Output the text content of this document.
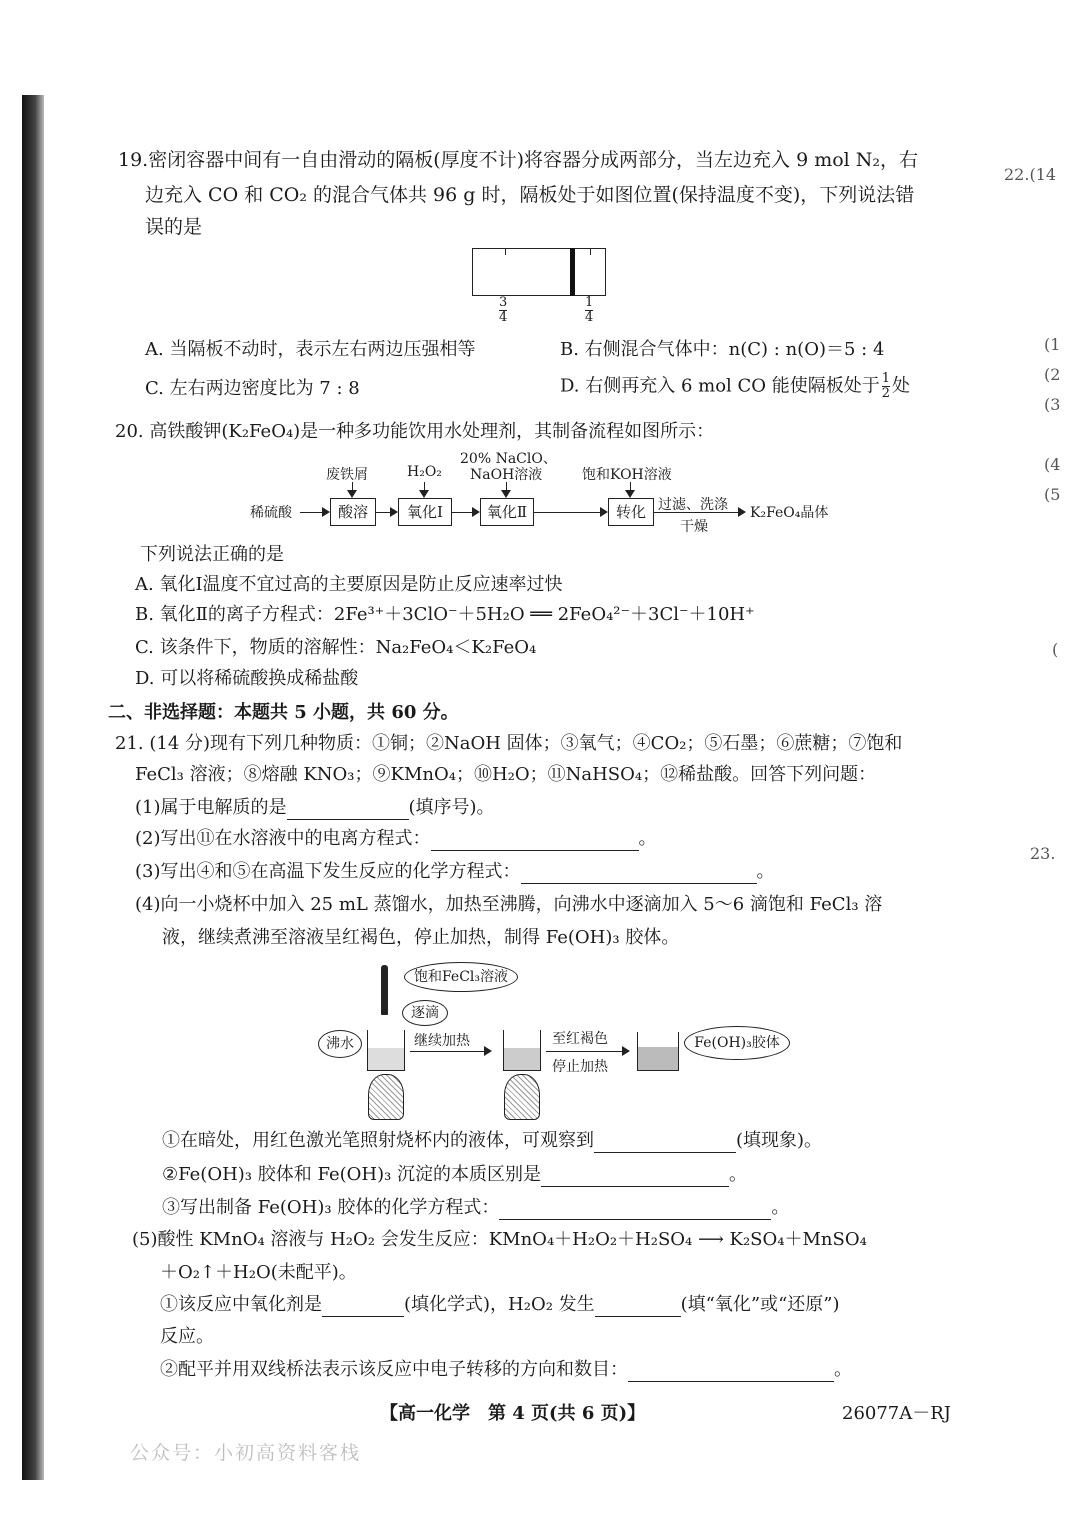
19.密闭容器中间有一自由滑动的隔板(厚度不计)将容器分成两部分，当左边充入 9 mol N₂，右
边充入 CO 和 CO₂ 的混合气体共 96 g 时，隔板处于如图位置(保持温度不变)，下列说法错
误的是
$\frac{3}{4}$	$\frac{1}{4}$
A. 当隔板不动时，表示左右两边压强相等	B. 右侧混合气体中：n(C) : n(O)＝5 : 4
C. 左右两边密度比为 7 : 8	D. 右侧再充入 6 mol CO 能使隔板处于 $\frac{1}{2}$ 处
20. 高铁酸钾(K₂FeO₄)是一种多功能饮用水处理剂，其制备流程如图所示：
稀硫酸	酸溶	氧化Ⅰ	氧化Ⅱ	转化
废铁屑	H₂O₂
20% NaClO、
NaOH溶液	饱和KOH溶液
过滤、洗涤
干燥
K₂FeO₄晶体
下列说法正确的是
A. 氧化Ⅰ温度不宜过高的主要原因是防止反应速率过快
B. 氧化Ⅱ的离子方程式：2Fe³⁺＋3ClO⁻＋5H₂O ══ 2FeO₄²⁻＋3Cl⁻＋10H⁺
C. 该条件下，物质的溶解性：Na₂FeO₄＜K₂FeO₄
D. 可以将稀硫酸换成稀盐酸
二、非选择题：本题共 5 小题，共 60 分。
21. (14 分)现有下列几种物质：①铜；②NaOH 固体；③氧气；④CO₂；⑤石墨；⑥蔗糖；⑦饱和
FeCl₃ 溶液；⑧熔融 KNO₃；⑨KMnO₄；⑩H₂O；⑪NaHSO₄；⑫稀盐酸。回答下列问题：
(1)属于电解质的是	(填序号)。
(2)写出⑪在水溶液中的电离方程式：	。
(3)写出④和⑤在高温下发生反应的化学方程式：	。
(4)向一小烧杯中加入 25 mL 蒸馏水，加热至沸腾，向沸水中逐滴加入 5～6 滴饱和 FeCl₃ 溶
液，继续煮沸至溶液呈红褐色，停止加热，制得 Fe(OH)₃ 胶体。
饱和FeCl₃溶液
逐滴
沸水	继续加热	至红褐色
停止加热
Fe(OH)₃胶体
①在暗处，用红色激光笔照射烧杯内的液体，可观察到	(填现象)。
②Fe(OH)₃ 胶体和 Fe(OH)₃ 沉淀的本质区别是	。
③写出制备 Fe(OH)₃ 胶体的化学方程式：	。
(5)酸性 KMnO₄ 溶液与 H₂O₂ 会发生反应：KMnO₄＋H₂O₂＋H₂SO₄ ⟶ K₂SO₄＋MnSO₄
＋O₂↑＋H₂O(未配平)。
①该反应中氧化剂是	(填化学式)，H₂O₂ 发生	(填“氧化”或“还原”)
反应。
②配平并用双线桥法表示该反应中电子转移的方向和数目：	。
【高一化学　第 4 页(共 6 页)】	26077A－RJ
公众号：小初高资料客栈
22.(14
(1
(2
(3
(4
(5
(
23.
